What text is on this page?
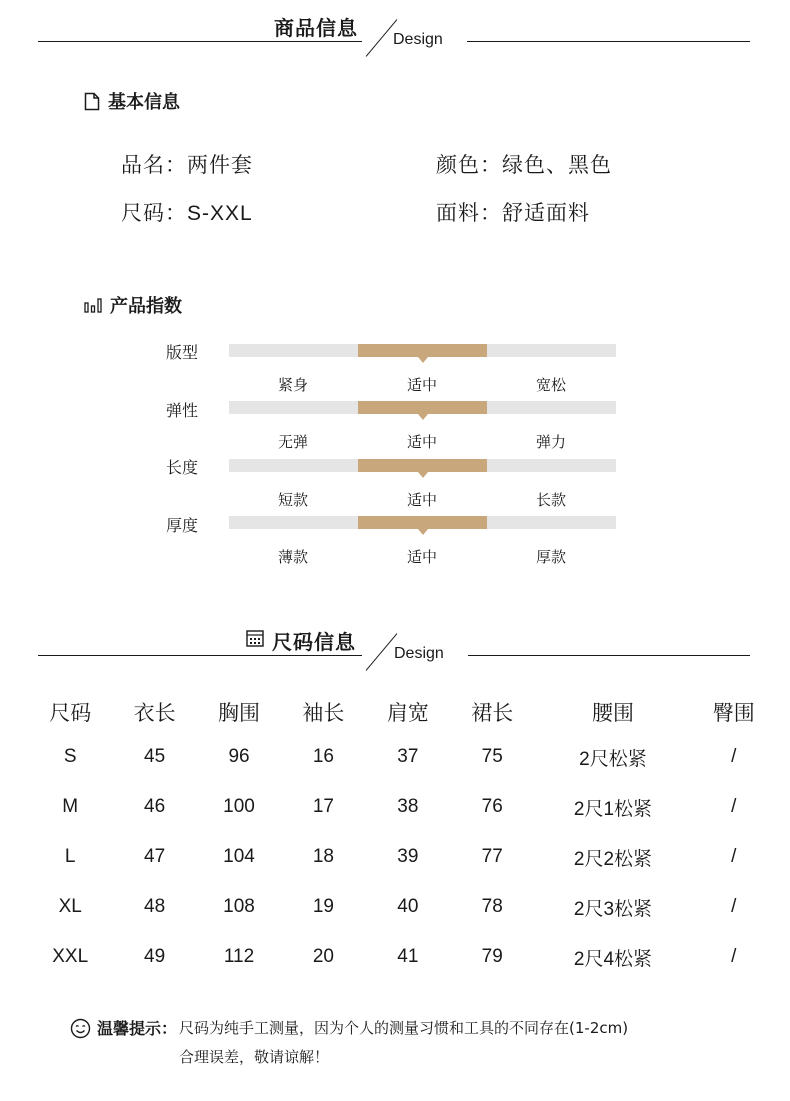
商品信息 Design
基本信息
品名：两件套	颜色：绿色、黑色
尺码：S-XXL	面料：舒适面料
产品指数
版型
紧身	适中	宽松
弹性
无弹	适中	弹力
长度
短款	适中	长款
厚度
薄款	适中	厚款
尺码信息 Design
尺码	衣长	胸围	袖长	肩宽	裙长	腰围	臀围
S	45	96	16	37	75	2尺松紧	/
M	46	100	17	38	76	2尺1松紧	/
L	47	104	18	39	77	2尺2松紧	/
XL	48	108	19	40	78	2尺3松紧	/
XXL	49	112	20	41	79	2尺4松紧	/
温馨提示： 尺码为纯手工测量，因为个人的测量习惯和工具的不同存在(1-2cm)
合理误差，敬请谅解！
